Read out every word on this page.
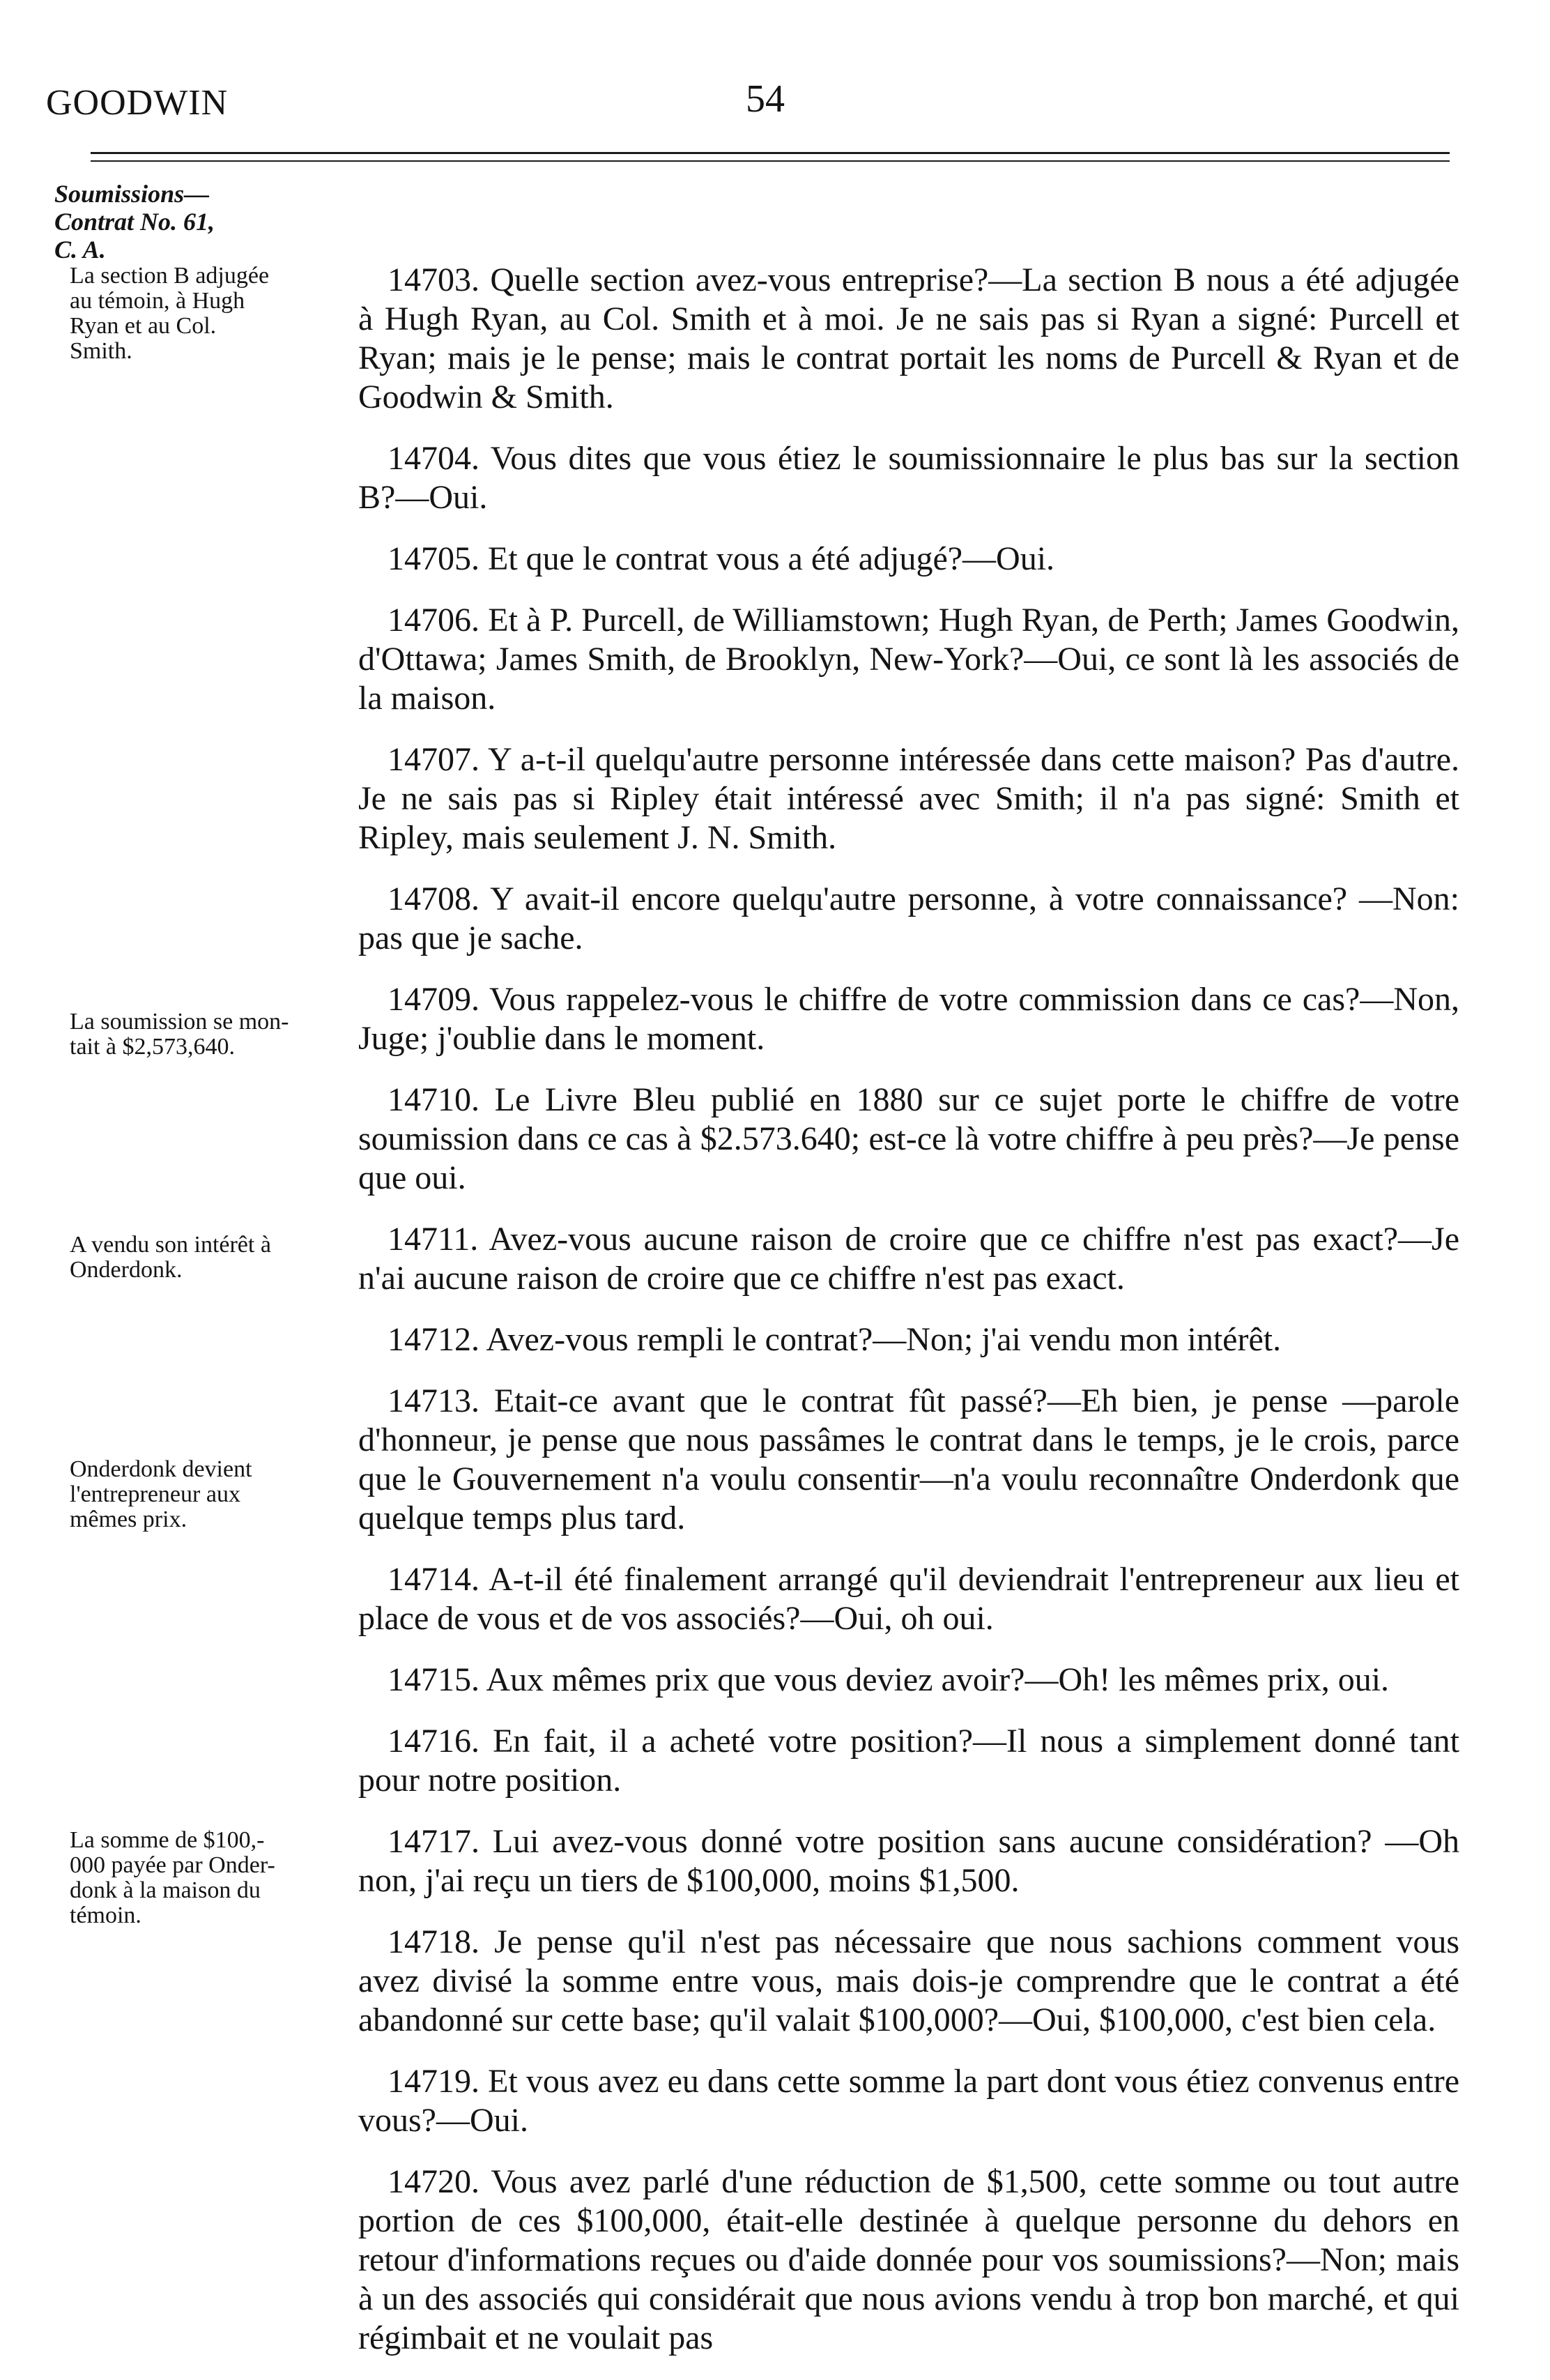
GOODWIN	54
Soumissions—
Contrat No. 61,
C. A.
La section B adjugée
au témoin, à Hugh
Ryan et au Col.
Smith.
La soumission se mon-
tait à $2,573,640.
A vendu son intérêt à
Onderdonk.
Onderdonk devient
l'entrepreneur aux
mêmes prix.
La somme de $100,-
000 payée par Onder-
donk à la maison du
témoin.

14703. Quelle section avez-vous entreprise?—La section B nous a été adjugée à Hugh Ryan, au Col. Smith et à moi. Je ne sais pas si Ryan a signé: Purcell et Ryan; mais je le pense; mais le contrat portait les noms de Purcell & Ryan et de Goodwin & Smith.

14704. Vous dites que vous étiez le soumissionnaire le plus bas sur la section B?—Oui.

14705. Et que le contrat vous a été adjugé?—Oui.

14706. Et à P. Purcell, de Williamstown; Hugh Ryan, de Perth; James Goodwin, d'Ottawa; James Smith, de Brooklyn, New-York?—Oui, ce sont là les associés de la maison.

14707. Y a-t-il quelqu'autre personne intéressée dans cette maison? Pas d'autre. Je ne sais pas si Ripley était intéressé avec Smith; il n'a pas signé: Smith et Ripley, mais seulement J. N. Smith.

14708. Y avait-il encore quelqu'autre personne, à votre connaissance? —Non: pas que je sache.

14709. Vous rappelez-vous le chiffre de votre commission dans ce cas?—Non, Juge; j'oublie dans le moment.

14710. Le Livre Bleu publié en 1880 sur ce sujet porte le chiffre de votre soumission dans ce cas à $2.573.640; est-ce là votre chiffre à peu près?—Je pense que oui.

14711. Avez-vous aucune raison de croire que ce chiffre n'est pas exact?—Je n'ai aucune raison de croire que ce chiffre n'est pas exact.

14712. Avez-vous rempli le contrat?—Non; j'ai vendu mon intérêt.

14713. Etait-ce avant que le contrat fût passé?—Eh bien, je pense —parole d'honneur, je pense que nous passâmes le contrat dans le temps, je le crois, parce que le Gouvernement n'a voulu consentir—n'a voulu reconnaître Onderdonk que quelque temps plus tard.

14714. A-t-il été finalement arrangé qu'il deviendrait l'entrepreneur aux lieu et place de vous et de vos associés?—Oui, oh oui.

14715. Aux mêmes prix que vous deviez avoir?—Oh! les mêmes prix, oui.

14716. En fait, il a acheté votre position?—Il nous a simplement donné tant pour notre position.

14717. Lui avez-vous donné votre position sans aucune considération? —Oh non, j'ai reçu un tiers de $100,000, moins $1,500.

14718. Je pense qu'il n'est pas nécessaire que nous sachions comment vous avez divisé la somme entre vous, mais dois-je comprendre que le contrat a été abandonné sur cette base; qu'il valait $100,000?—Oui, $100,000, c'est bien cela.

14719. Et vous avez eu dans cette somme la part dont vous étiez convenus entre vous?—Oui.

14720. Vous avez parlé d'une réduction de $1,500, cette somme ou tout autre portion de ces $100,000, était-elle destinée à quelque personne du dehors en retour d'informations reçues ou d'aide donnée pour vos soumissions?—Non; mais à un des associés qui considérait que nous avions vendu à trop bon marché, et qui régimbait et ne voulait pas
